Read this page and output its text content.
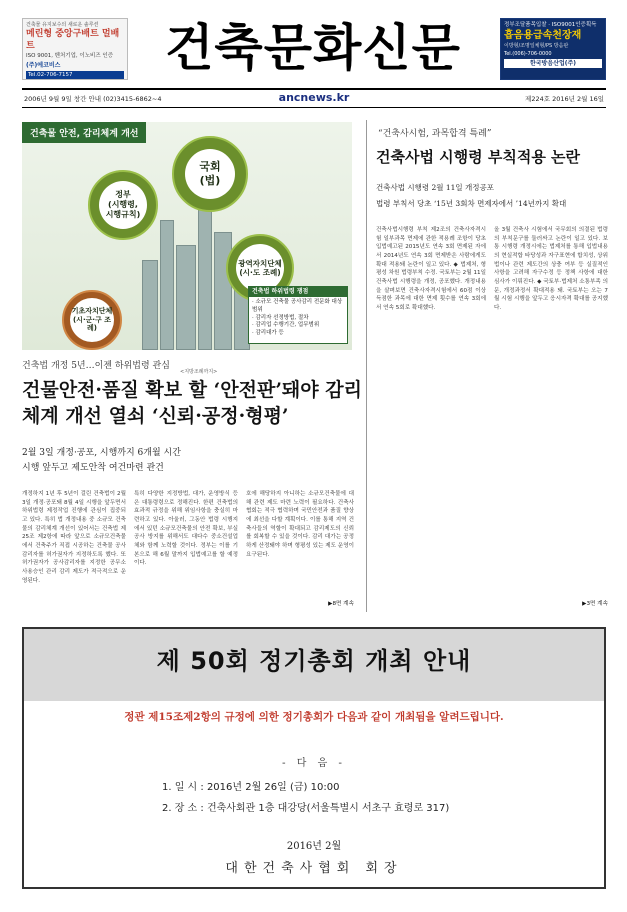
건축물 유지보수의 새로운 솔루션
메린형 중앙구배트 멀배트
ISO 9001, 벤처기업, 이노비즈 인증
(주)에코비스
Tel.02-706-7157	건축문화신문	정부조달품목입찰 · ISO9001인증획득
흡음용급속천장재
이방형/조명일체형/PS 방음판
Tel.(006)-706-0000
한국방음산업(주)
2006년 9월 9일 창간 안내 (02)3415-6862~4	ancnews.kr	제224호 2016년 2월 16일
건축물 안전, 감리체계 개선
국회
(법)
정부
(시행령,
시행규칙)
광역자치단체
(시·도 조례)
기초자치단체
(시·군·구 조례)
건축법 하위법령 쟁점
· 소규모 건축물 공사감리 전문화 대상 범위
· 감리자 선정방법, 절차
· 감리업 수행기간, 업무범위
· 감리대가 등
건축법 개정 5년…이젠 하위법령 관심
<지방조례까지>
건물안전·품질 확보 할 ‘안전판’돼야 감리체계 개선 열쇠 ‘신뢰·공정·형평’
2월 3일 개정·공포, 시행까지 6개월 시간
시행 앞두고 제도안착 여건마련 관건
개정하지 1년 후 5년이 걸린 건축법이 2월 3일 개정·공포돼 8월 4일 시행을 앞두면서 하위법령 제정작업 진행에 관심이 집중되고 있다. 특히 법 개정내용 중 소규모 건축물의 감리체계 개선이 있어서는 건축법 제25조 제2항에 따라 앞으로 소규모건축물에서 건축주가 직접 시공하는 건축물 공사감리자를 허가권자가 지정하도록 했다. 또 허가권자가 공사감리자를 지정한 공무소 사용승인 관리 감리 제도가 적극적으로 운영된다.
특히 다양한 지정방법, 대가, 운영방식 등은 대통령령으로 정해진다. 한편 건축법의 효과적 규정을 위해 위임사항을 충실히 마련하고 있다. 아울러, 그동안 법령 시행지에서 있던 소규모건축물의 안전 확보, 부실공사 방지를 위해서도 대다수 중소건설업체와 함께 노력할 것이다. 정부는 이를 기본으로 해 6월 말까지 입법예고를 할 예정이다.
호에 해당하지 아니하는 소규모건축물에 대해 관련 제도 마련 노력이 필요하다. 건축사협회는 적극 협력하며 국민안전과 품질 향상에 최선을 다할 계획이다. 이를 통해 지역 건축사들의 역할이 확대되고 감리제도의 신뢰를 회복할 수 있을 것이다. 감리 대가는 공정하게 산정돼야 하며 형평성 있는 제도 운영이 요구된다.
▶8면 계속
“건축사시험, 과목합격 특례”
건축사법 시행령 부칙적용 논란
건축사법 시행령 2월 11일 개정공포
법령 부칙서 당초 ‘15년 3회차 면제자에서 ’14년까지 확대
건축사법시행령 부칙 제2조의 건축사자격시험 일부과목 면제에 관한 적용례 조항이 당초 입법예고된 2015년도 연속 3회 면제된 자에서 2014년도 연속 3회 면제받은 사람에게도 확대 적용돼 논란이 일고 있다. ◆ 법제처, 형평성 차원 법령부칙 수정. 국토부는 2월 11일 건축사법 시행령을 개정, 공포했다. 개정내용을 살펴보면 건축사자격시험에서 60점 이상 득점한 과목에 대한 면제 횟수를 연속 3회에서 연속 5회로 확대했다.
올 3월 건축사 시험에서 국무회의 의결된 법령의 부칙문구를 둘러싸고 논란이 일고 있다. 보통 시행령 개정시에는 법제처를 통해 입법내용의 현실적합 타당성과 자구표현에 합치성, 상위법이나 관련 제도간의 상충 여부 등 실질적인 사항을 고려해 자구수정 등 정책 사항에 대한 심사가 이뤄진다. ◆ 국토부·법제처 소통부족 의문, 개정과정서 확대적용 돼. 국토부는 오는 7월 시험 시행을 앞두고 응시자격 확대를 공지했다.
▶3면 계속
제 50회 정기총회 개최 안내
정관 제15조제2항의 규정에 의한 정기총회가 다음과 같이 개최됨을 알려드립니다.
- 다 음 -
1. 일 시 : 2016년 2월 26일 (금) 10:00
2. 장 소 : 건축사회관 1층 대강당(서울특별시 서초구 효령로 317)
2016년 2월
대한건축사협회 회장
